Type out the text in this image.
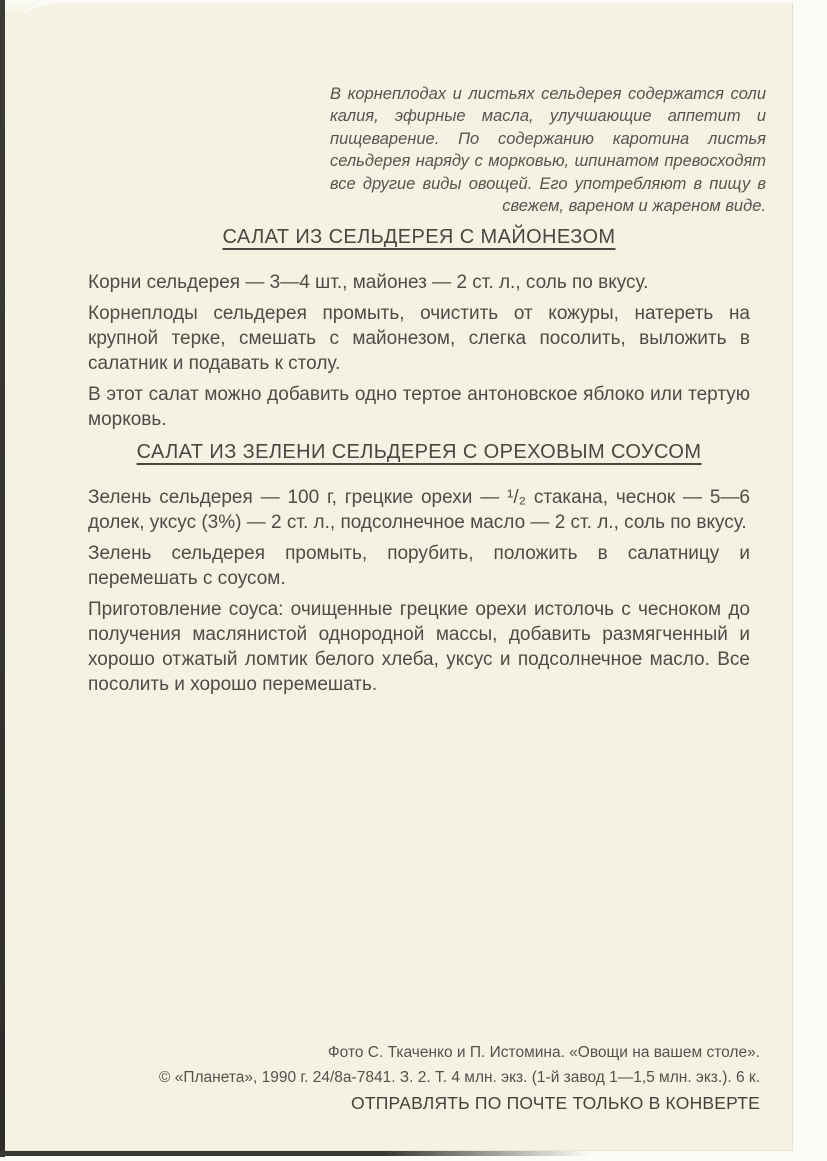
В корнеплодах и листьях сельдерея содержатся соли калия, эфирные масла, улучшающие аппетит и пищеварение. По содержанию каротина листья сельдерея наряду с морковью, шпинатом превосходят все другие виды овощей. Его употребляют в пищу в свежем, вареном и жареном виде.

САЛАТ ИЗ СЕЛЬДЕРЕЯ С МАЙОНЕЗОМ

Корни сельдерея — 3—4 шт., майонез — 2 ст. л., соль по вкусу.

Корнеплоды сельдерея промыть, очистить от кожуры, натереть на крупной терке, смешать с майонезом, слегка посолить, выложить в салатник и подавать к столу.

В этот салат можно добавить одно тертое антоновское яблоко или тертую морковь.

САЛАТ ИЗ ЗЕЛЕНИ СЕЛЬДЕРЕЯ С ОРЕХОВЫМ СОУСОМ

Зелень сельдерея — 100 г, грецкие орехи — ¹/₂ стакана, чеснок — 5—6 долек, уксус (3%) — 2 ст. л., подсолнечное масло — 2 ст. л., соль по вкусу.

Зелень сельдерея промыть, порубить, положить в салатницу и перемешать с соусом.

Приготовление соуса: очищенные грецкие орехи истолочь с чесноком до получения маслянистой однородной массы, добавить размягченный и хорошо отжатый ломтик белого хлеба, уксус и подсолнечное масло. Все посолить и хорошо перемешать.

Фото С. Ткаченко и П. Истомина. «Овощи на вашем столе».

© «Планета», 1990 г. 24/8а-7841. З. 2. Т. 4 млн. экз. (1-й завод 1—1,5 млн. экз.). 6 к.

ОТПРАВЛЯТЬ ПО ПОЧТЕ ТОЛЬКО В КОНВЕРТЕ
